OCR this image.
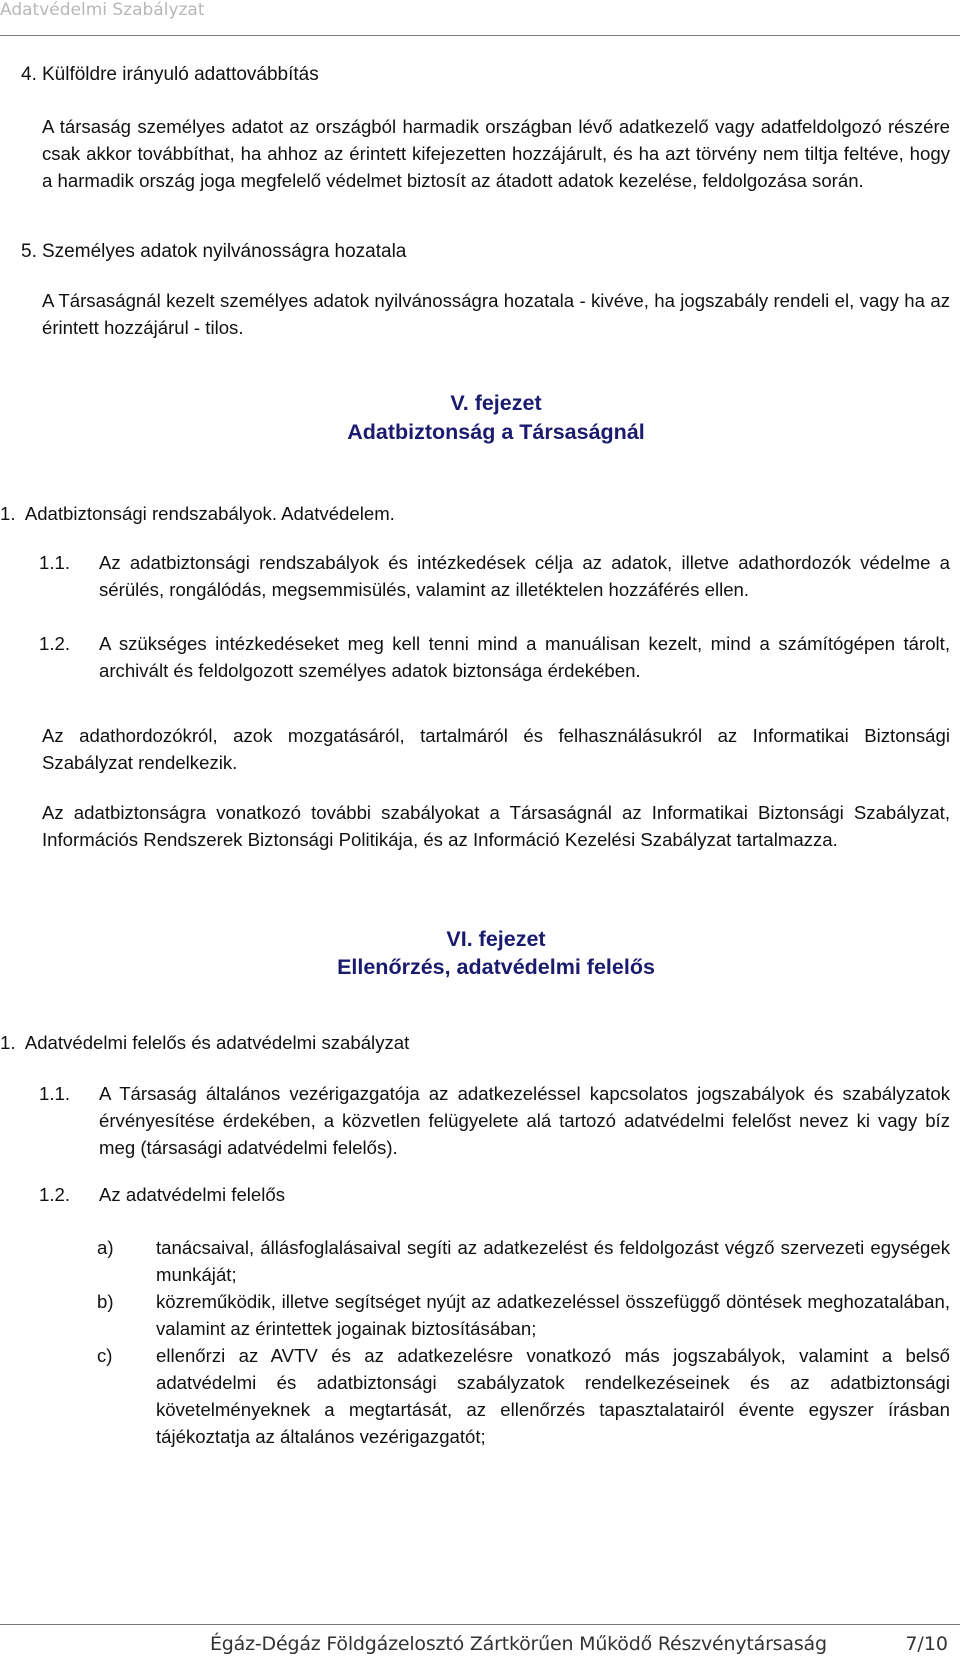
Adatvédelmi Szabályzat
4. Külföldre irányuló adattovábbítás

A társaság személyes adatot az országból harmadik országban lévő adatkezelő vagy adatfeldolgozó részére csak akkor továbbíthat, ha ahhoz az érintett kifejezetten hozzájárult, és ha azt törvény nem tiltja feltéve, hogy a harmadik ország joga megfelelő védelmet biztosít az átadott adatok kezelése, feldolgozása során.

5. Személyes adatok nyilvánosságra hozatala

A Társaságnál kezelt személyes adatok nyilvánosságra hozatala - kivéve, ha jogszabály rendeli el, vagy ha az érintett hozzájárul - tilos.

V. fejezet
Adatbiztonság a Társaságnál
1.  Adatbiztonsági rendszabályok. Adatvédelem.
1.1. Az adatbiztonsági rendszabályok és intézkedések célja az adatok, illetve adathordozók védelme a sérülés, rongálódás, megsemmisülés, valamint az illetéktelen hozzáférés ellen.
1.2. A szükséges intézkedéseket meg kell tenni mind a manuálisan kezelt, mind a számítógépen tárolt, archivált és feldolgozott személyes adatok biztonsága érdekében.

Az adathordozókról, azok mozgatásáról, tartalmáról és felhasználásukról az Informatikai Biztonsági Szabályzat rendelkezik.

Az adatbiztonságra vonatkozó további szabályokat a Társaságnál az Informatikai Biztonsági Szabályzat, Információs Rendszerek Biztonsági Politikája, és az Információ Kezelési Szabályzat tartalmazza.

VI. fejezet
Ellenőrzés, adatvédelmi felelős
1.  Adatvédelmi felelős és adatvédelmi szabályzat
1.1. A Társaság általános vezérigazgatója az adatkezeléssel kapcsolatos jogszabályok és szabályzatok érvényesítése érdekében, a közvetlen felügyelete alá tartozó adatvédelmi felelőst nevez ki vagy bíz meg (társasági adatvédelmi felelős).
1.2. Az adatvédelmi felelős
a) tanácsaival, állásfoglalásaival segíti az adatkezelést és feldolgozást végző szervezeti egységek munkáját;
b) közreműködik, illetve segítséget nyújt az adatkezeléssel összefüggő döntések meghozatalában, valamint az érintettek jogainak biztosításában;
c) ellenőrzi az AVTV és az adatkezelésre vonatkozó más jogszabályok, valamint a belső adatvédelmi és adatbiztonsági szabályzatok rendelkezéseinek és az adatbiztonsági követelményeknek a megtartását, az ellenőrzés tapasztalatairól évente egyszer írásban tájékoztatja az általános vezérigazgatót;
Égáz-Dégáz Földgázelosztó Zártkörűen Működő Részvénytársaság	7/10
